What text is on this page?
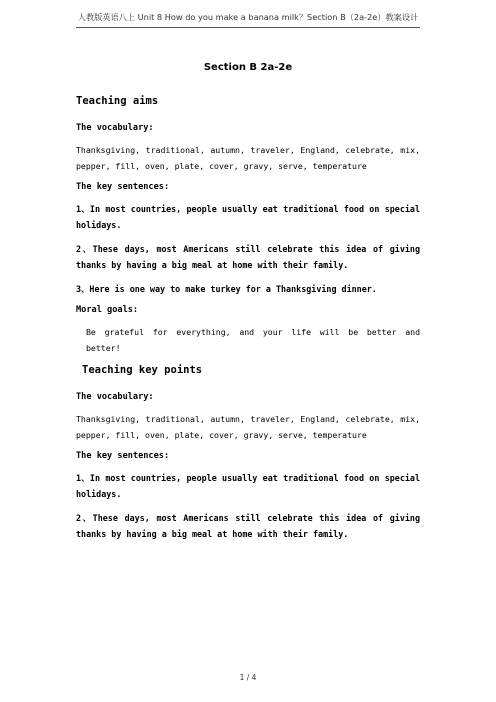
人教版英语八上 Unit 8 How do you make a banana milk？Section B（2a-2e）教案设计
Section B 2a-2e
Teaching aims
The vocabulary:
Thanksgiving, traditional, autumn, traveler, England, celebrate, mix, pepper, fill, oven, plate, cover, gravy, serve, temperature
The key sentences:
1、In most countries, people usually eat traditional food on special holidays.
2、These days, most Americans still celebrate this idea of giving thanks by having a big meal at home with their family.
3、Here is one way to make turkey for a Thanksgiving dinner.
Moral goals:
Be grateful for everything, and your life will be better and better!
Teaching key points
The vocabulary:
Thanksgiving, traditional, autumn, traveler, England, celebrate, mix, pepper, fill, oven, plate, cover, gravy, serve, temperature
The key sentences:
1、In most countries, people usually eat traditional food on special holidays.
2、These days, most Americans still celebrate this idea of giving thanks by having a big meal at home with their family.
1 / 4
